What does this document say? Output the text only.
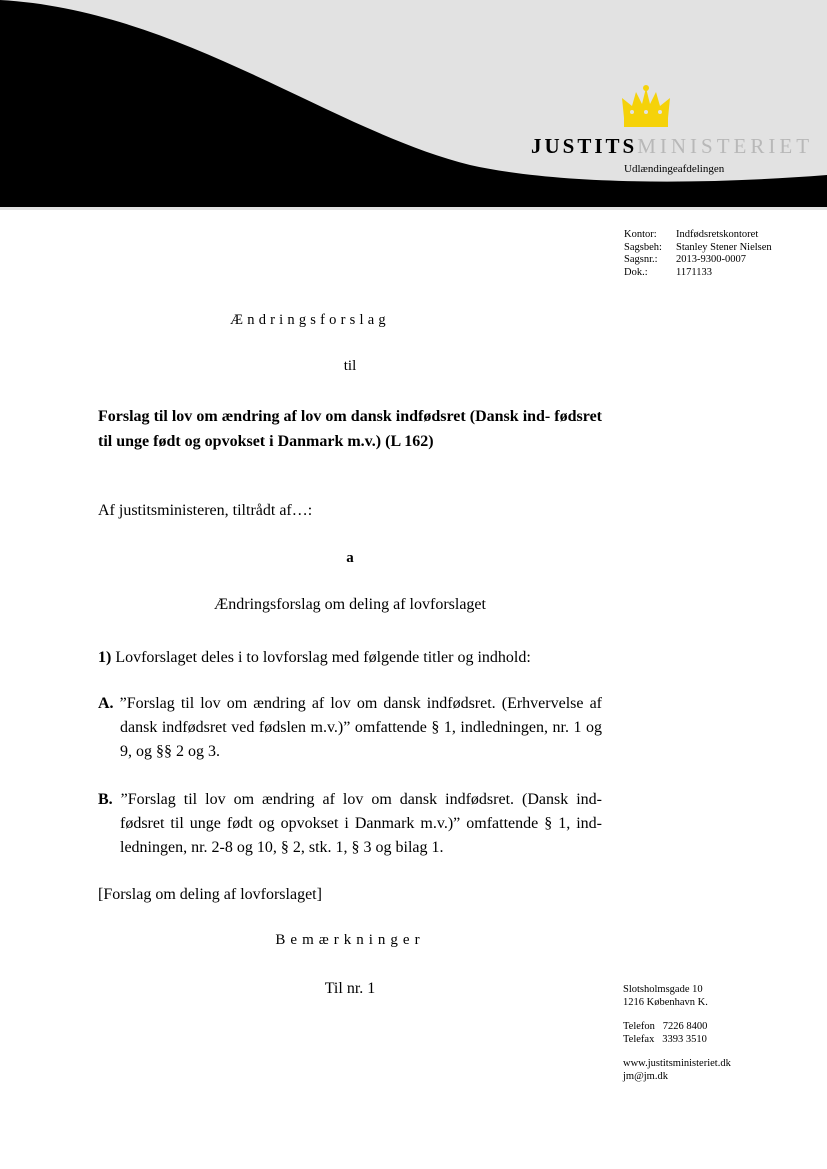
JUSTITSMINISTERIET
Udlændingeafdelingen
Kontor:	Indfødsretskontoret
Sagsbeh:	Stanley Stener Nielsen
Sagsnr.:	2013-9300-0007
Dok.:	1171133
Ændringsforslag
til
Forslag til lov om ændring af lov om dansk indfødsret (Dansk ind- fødsret til unge født og opvokset i Danmark m.v.) (L 162)
Af justitsministeren, tiltrådt af…:
a
Ændringsforslag om deling af lovforslaget
1) Lovforslaget deles i to lovforslag med følgende titler og indhold:
A. ”Forslag til lov om ændring af lov om dansk indfødsret. (Erhvervelse af dansk indfødsret ved fødslen m.v.)” omfattende § 1, indledningen, nr. 1 og 9, og §§ 2 og 3.
B. ”Forslag til lov om ændring af lov om dansk indfødsret. (Dansk ind- fødsret til unge født og opvokset i Danmark m.v.)” omfattende § 1, ind- ledningen, nr. 2-8 og 10, § 2, stk. 1, § 3 og bilag 1.
[Forslag om deling af lovforslaget]
Bemærkninger
Til nr. 1	Slotsholmsgade 10
1216 København K.
Telefon   7226 8400
Telefax   3393 3510
www.justitsministeriet.dk
jm@jm.dk
